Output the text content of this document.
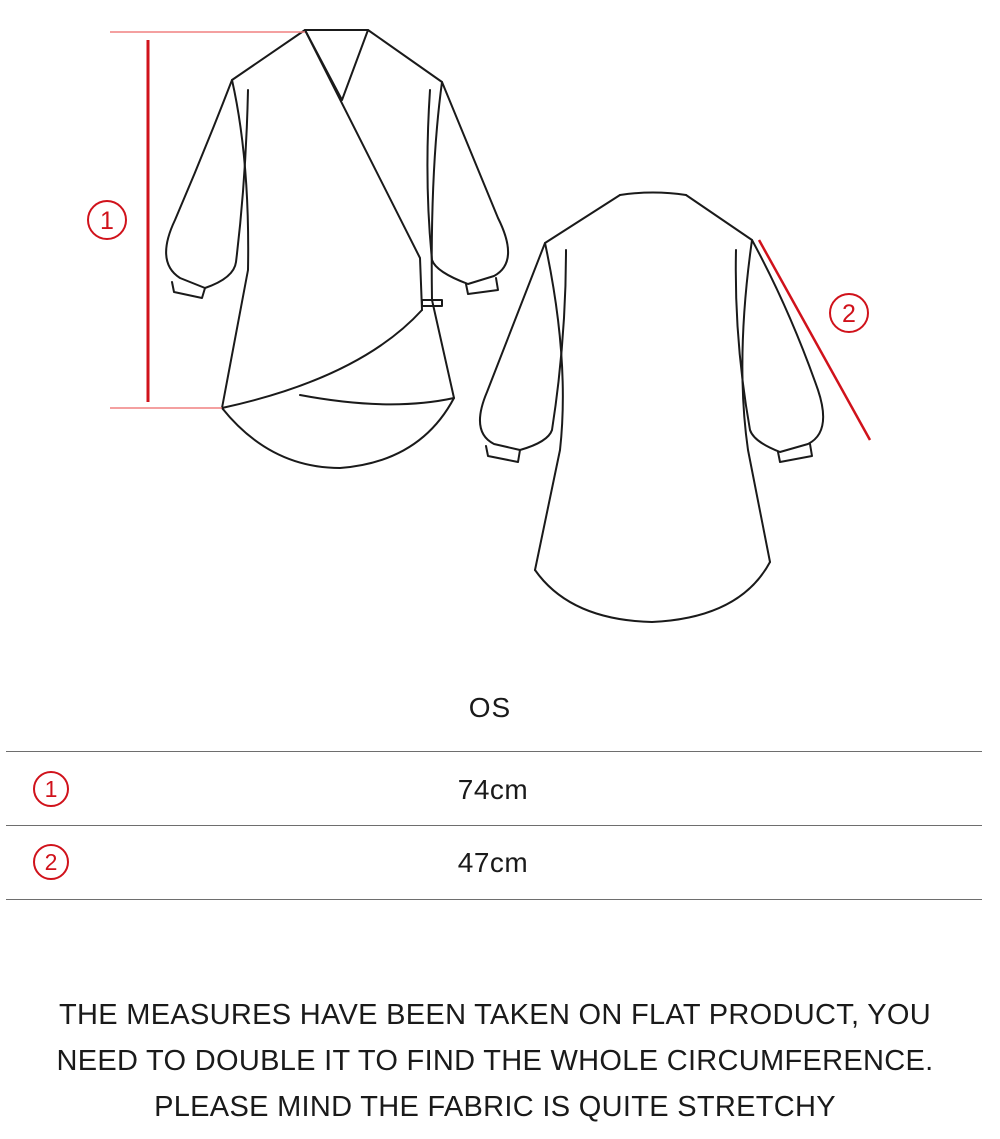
1
2
OS
1	74cm
2	47cm
THE MEASURES HAVE BEEN TAKEN ON FLAT PRODUCT, YOU
NEED TO DOUBLE IT TO FIND THE WHOLE CIRCUMFERENCE.
PLEASE MIND THE FABRIC IS QUITE STRETCHY
